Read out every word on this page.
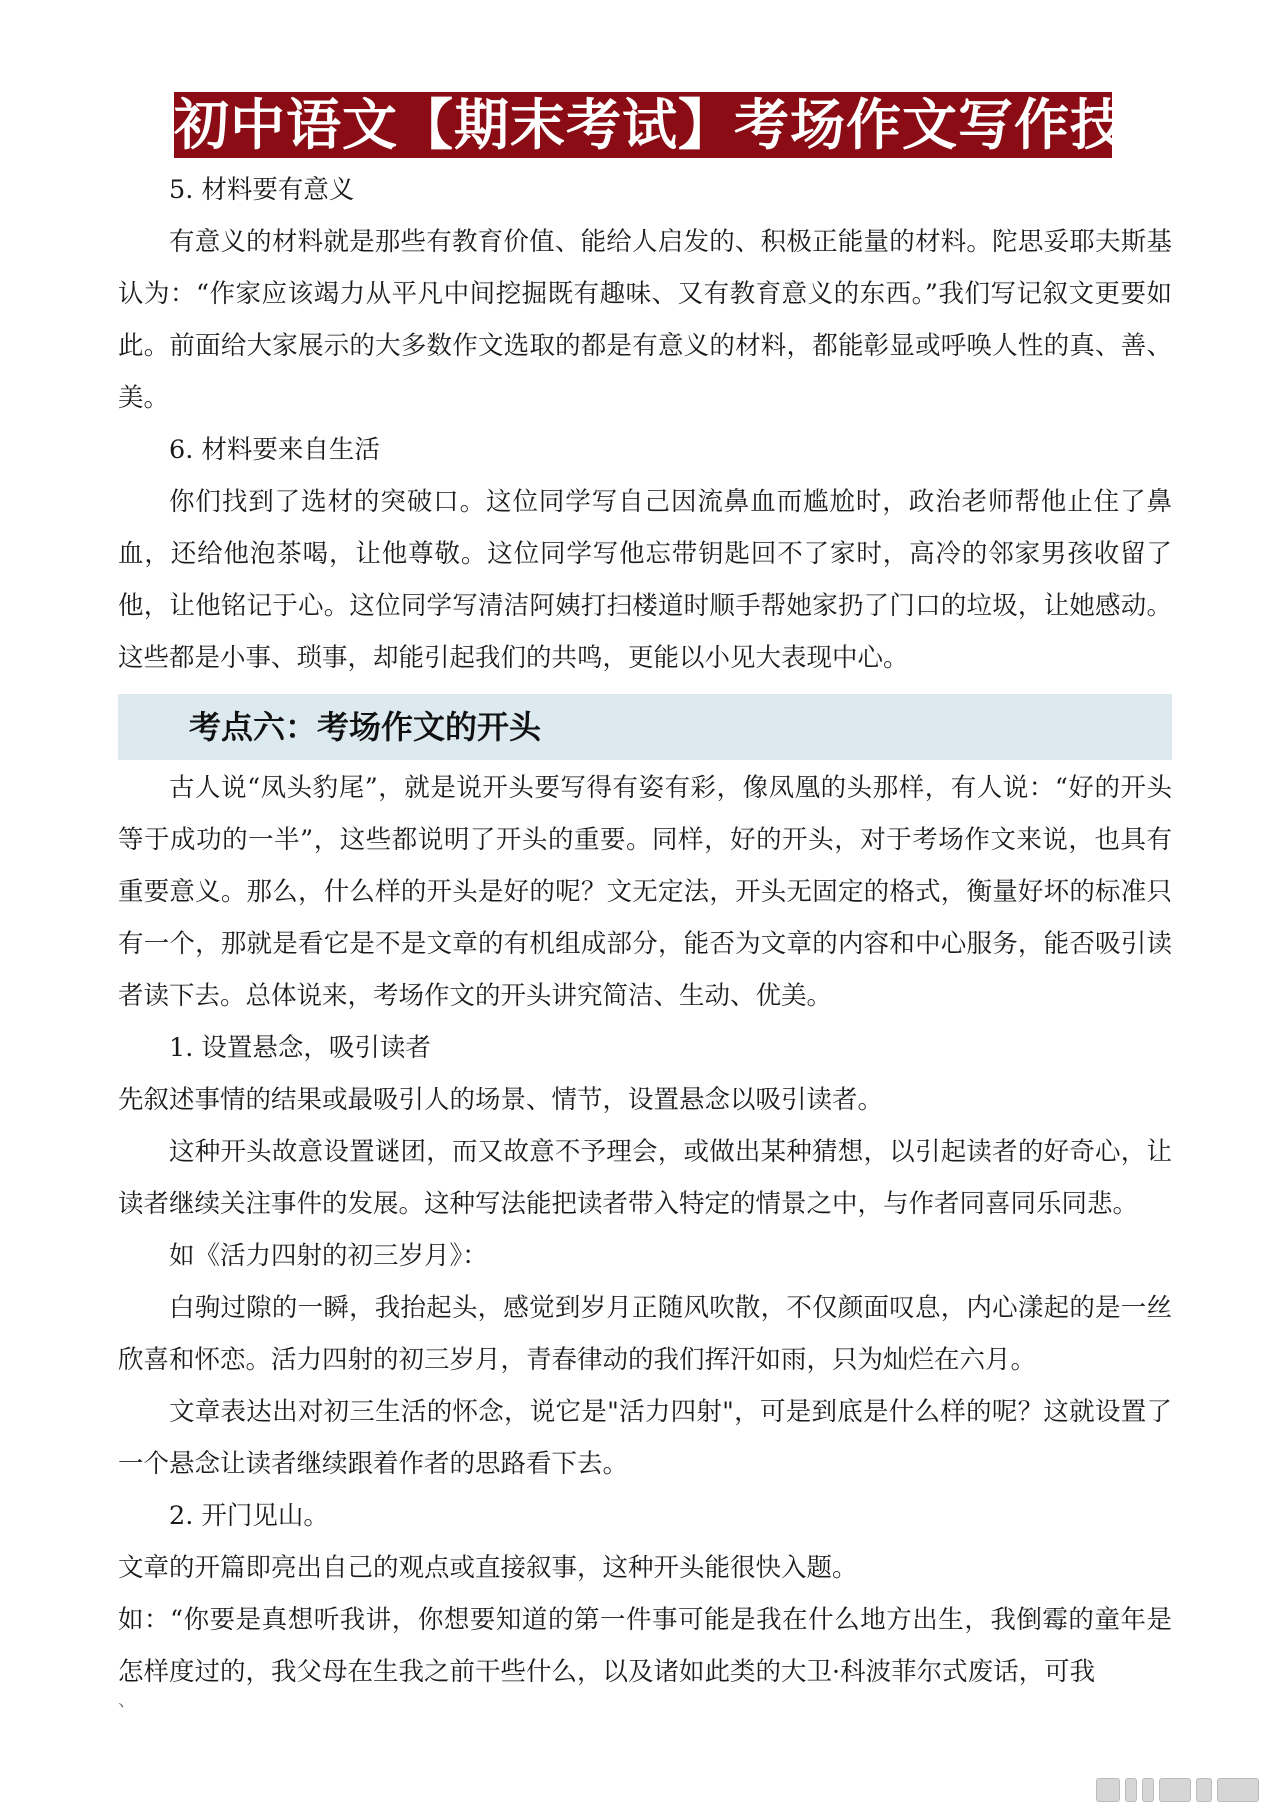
初中语文【期末考试】考场作文写作技法

5. 材料要有意义

有意义的材料就是那些有教育价值、能给人启发的、积极正能量的材料。陀思妥耶夫斯基认为：“作家应该竭力从平凡中间挖掘既有趣味、又有教育意义的东西。”我们写记叙文更要如此。前面给大家展示的大多数作文选取的都是有意义的材料，都能彰显或呼唤人性的真、善、美。

6. 材料要来自生活

你们找到了选材的突破口。这位同学写自己因流鼻血而尴尬时，政治老师帮他止住了鼻血，还给他泡茶喝，让他尊敬。这位同学写他忘带钥匙回不了家时，高冷的邻家男孩收留了他，让他铭记于心。这位同学写清洁阿姨打扫楼道时顺手帮她家扔了门口的垃圾，让她感动。这些都是小事、琐事，却能引起我们的共鸣，更能以小见大表现中心。

考点六：考场作文的开头

古人说“凤头豹尾”，就是说开头要写得有姿有彩，像凤凰的头那样，有人说：“好的开头等于成功的一半”，这些都说明了开头的重要。同样，好的开头，对于考场作文来说，也具有重要意义。那么，什么样的开头是好的呢？文无定法，开头无固定的格式，衡量好坏的标准只有一个，那就是看它是不是文章的有机组成部分，能否为文章的内容和中心服务，能否吸引读者读下去。总体说来，考场作文的开头讲究简洁、生动、优美。

1. 设置悬念，吸引读者

先叙述事情的结果或最吸引人的场景、情节，设置悬念以吸引读者。

这种开头故意设置谜团，而又故意不予理会，或做出某种猜想，以引起读者的好奇心，让读者继续关注事件的发展。这种写法能把读者带入特定的情景之中，与作者同喜同乐同悲。

如《活力四射的初三岁月》：

白驹过隙的一瞬，我抬起头，感觉到岁月正随风吹散，不仅颜面叹息，内心漾起的是一丝欣喜和怀恋。活力四射的初三岁月，青春律动的我们挥汗如雨，只为灿烂在六月。

文章表达出对初三生活的怀念，说它是"活力四射"，可是到底是什么样的呢？这就设置了一个悬念让读者继续跟着作者的思路看下去。

2. 开门见山。

文章的开篇即亮出自己的观点或直接叙事，这种开头能很快入题。

如：“你要是真想听我讲，你想要知道的第一件事可能是我在什么地方出生，我倒霉的童年是怎样度过的，我父母在生我之前干些什么，以及诸如此类的大卫·科波菲尔式废话，可我

、
